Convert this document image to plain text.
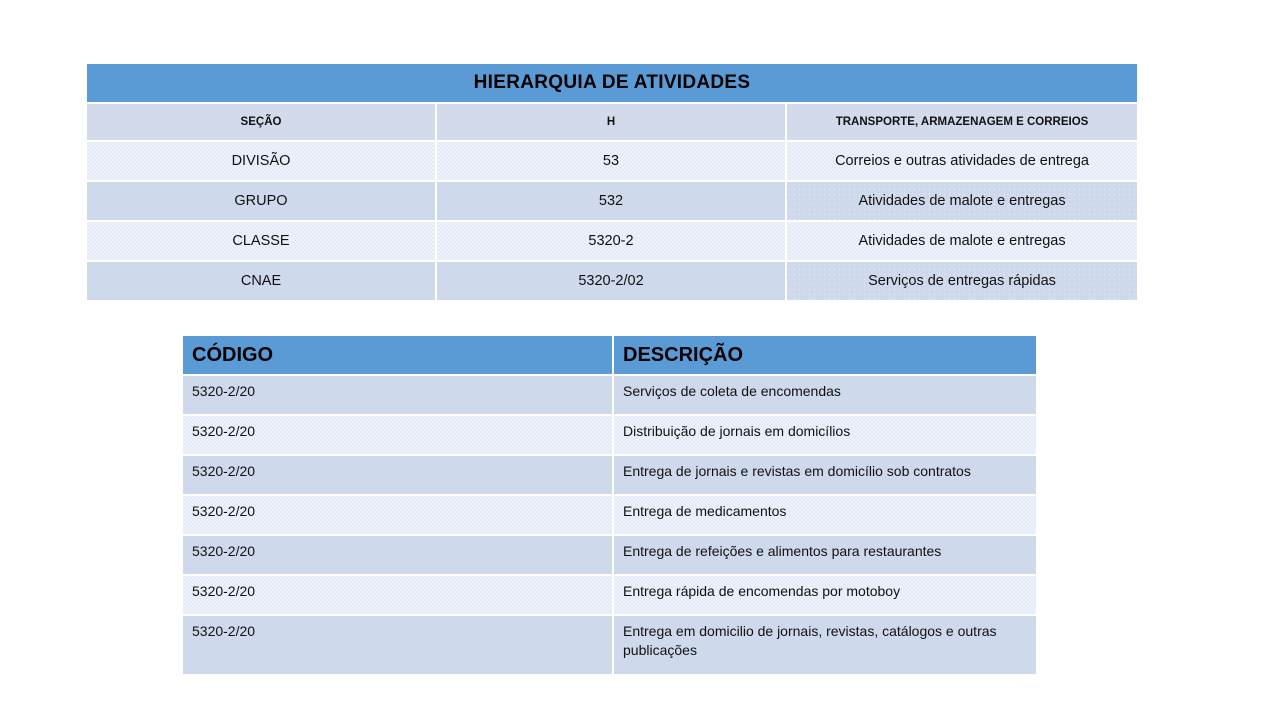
HIERARQUIA DE ATIVIDADES		
SEÇÃO	H	TRANSPORTE, ARMAZENAGEM E CORREIOS
DIVISÃO	53	Correios e outras atividades de entrega
GRUPO	532	Atividades de malote e entregas
CLASSE	5320-2	Atividades de malote e entregas
CNAE	5320-2/02	Serviços de entregas rápidas
CÓDIGO	DESCRIÇÃO
5320-2/20	Serviços de coleta de encomendas
5320-2/20	Distribuição de jornais em domicílios
5320-2/20	Entrega de jornais e revistas em domicílio sob contratos
5320-2/20	Entrega de medicamentos
5320-2/20	Entrega de refeições e alimentos para restaurantes
5320-2/20	Entrega rápida de encomendas por motoboy
5320-2/20	Entrega em domicilio de jornais, revistas, catálogos e outras publicações
